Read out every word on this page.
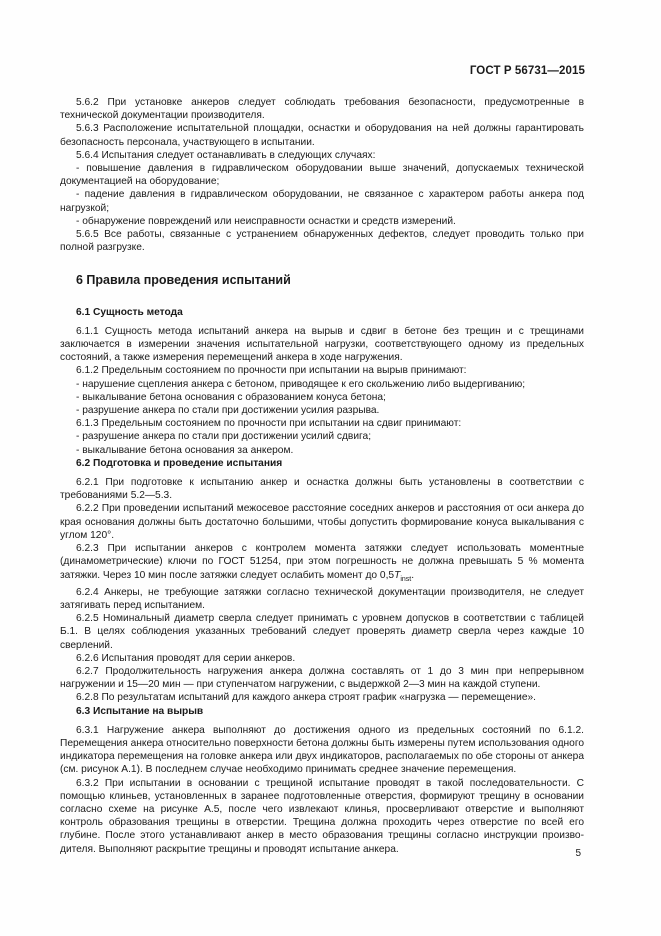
ГОСТ Р 56731—2015

5.6.2 При установке анкеров следует соблюдать требования безопасности, предусмотренные в технической документации производителя.

5.6.3 Расположение испытательной площадки, оснастки и оборудования на ней должны гарантировать безопасность персонала, участвующего в испытании.

5.6.4 Испытания следует останавливать в следующих случаях:

- повышение давления в гидравлическом оборудовании выше значений, допускаемых технической документацией на оборудование;

- падение давления в гидравлическом оборудовании, не связанное с характером работы анкера под нагрузкой;

- обнаружение повреждений или неисправности оснастки и средств измерений.

5.6.5 Все работы, связанные с устранением обнаруженных дефектов, следует проводить только при полной разгрузке.

6 Правила проведения испытаний

6.1 Сущность метода

6.1.1 Сущность метода испытаний анкера на вырыв и сдвиг в бетоне без трещин и с трещинами заключается в измерении значения испытательной нагрузки, соответствующего одному из предельных состояний, а также измерения перемещений анкера в ходе нагружения.

6.1.2 Предельным состоянием по прочности при испытании на вырыв принимают:

- нарушение сцепления анкера с бетоном, приводящее к его скольжению либо выдергиванию;

- выкалывание бетона основания с образованием конуса бетона;

- разрушение анкера по стали при достижении усилия разрыва.

6.1.3 Предельным состоянием по прочности при испытании на сдвиг принимают:

- разрушение анкера по стали при достижении усилий сдвига;

- выкалывание бетона основания за анкером.

6.2 Подготовка и проведение испытания

6.2.1 При подготовке к испытанию анкер и оснастка должны быть установлены в соответствии с требованиями 5.2—5.3.

6.2.2 При проведении испытаний межосевое расстояние соседних анкеров и расстояния от оси анкера до края основания должны быть достаточно большими, чтобы допустить формирование конуса выкалывания с углом 120°.

6.2.3 При испытании анкеров с контролем момента затяжки следует использовать моментные (динамометрические) ключи по ГОСТ 51254, при этом погрешность не должна превышать 5 % момента затяжки. Через 10 мин после затяжки следует ослабить момент до $0,5T_{inst}$.

6.2.4 Анкеры, не требующие затяжки согласно технической документации производителя, не следует затягивать перед испытанием.

6.2.5 Номинальный диаметр сверла следует принимать с уровнем допусков в соответствии с таблицей Б.1. В целях соблюдения указанных требований следует проверять диаметр сверла через каждые 10 сверлений.

6.2.6 Испытания проводят для серии анкеров.

6.2.7 Продолжительность нагружения анкера должна составлять от 1 до 3 мин при непрерывном нагружении и 15—20 мин — при ступенчатом нагружении, с выдержкой 2—3 мин на каждой ступени.

6.2.8 По результатам испытаний для каждого анкера строят график «нагрузка — перемещение».

6.3 Испытание на вырыв

6.3.1 Нагружение анкера выполняют до достижения одного из предельных состояний по 6.1.2. Перемещения анкера относительно поверхности бетона должны быть измерены путем использования одного индикатора перемещения на головке анкера или двух индикаторов, располагаемых по обе стороны от анкера (см. рисунок А.1). В последнем случае необходимо принимать среднее значение перемещения.

6.3.2 При испытании в основании с трещиной испытание проводят в такой последовательности. С помощью клиньев, установленных в заранее подготовленные отверстия, формируют трещину в основании согласно схеме на рисунке А.5, после чего извлекают клинья, просверливают отверстие и выполняют контроль образования трещины в отверстии. Трещина должна проходить через отверстие по всей его глубине. После этого устанавливают анкер в место образования трещины согласно инструкции производителя. Выполняют раскрытие трещины и проводят испытание анкера.	5
